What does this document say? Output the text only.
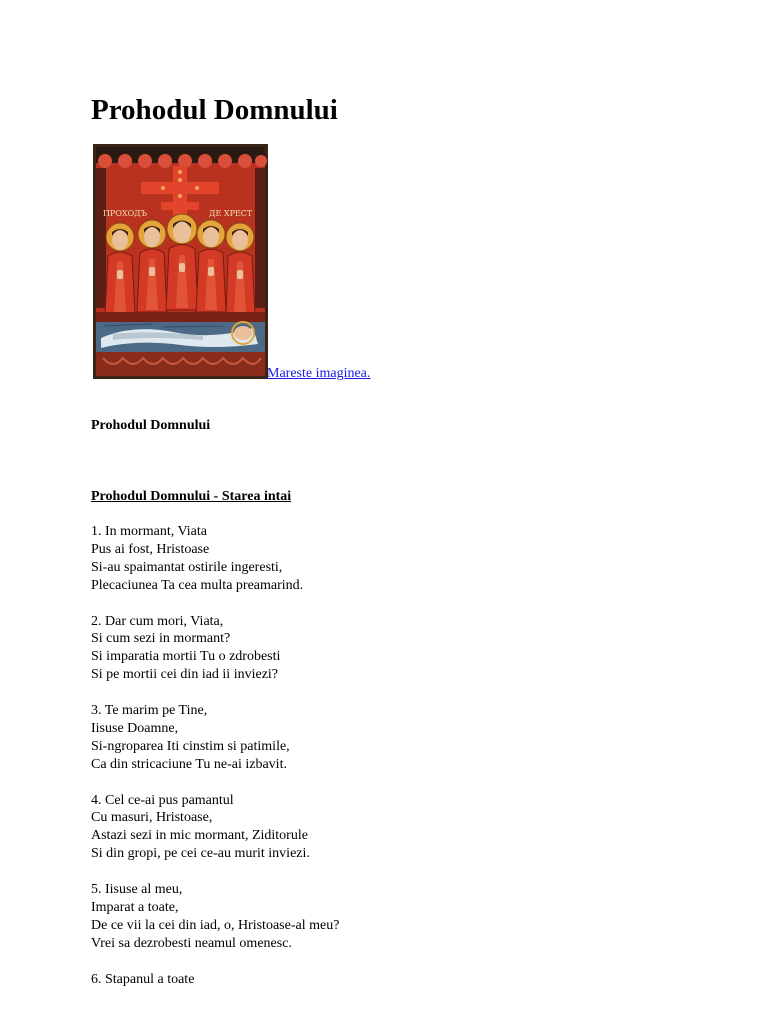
Prohodul Domnului
ПРОХОДЪ	ДЕ ХРЕСТ
Mareste imaginea.
Prohodul Domnului
Prohodul Domnului - Starea intai
1. In mormant, Viata
Pus ai fost, Hristoase
Si-au spaimantat ostirile ingeresti,
Plecaciunea Ta cea multa preamarind.
2. Dar cum mori, Viata,
Si cum sezi in mormant?
Si imparatia mortii Tu o zdrobesti
Si pe mortii cei din iad ii inviezi?
3. Te marim pe Tine,
Iisuse Doamne,
Si-ngroparea Iti cinstim si patimile,
Ca din stricaciune Tu ne-ai izbavit.
4. Cel ce-ai pus pamantul
Cu masuri, Hristoase,
Astazi sezi in mic mormant, Ziditorule
Si din gropi, pe cei ce-au murit inviezi.
5. Iisuse al meu,
Imparat a toate,
De ce vii la cei din iad, o, Hristoase-al meu?
Vrei sa dezrobesti neamul omenesc.
6. Stapanul a toate
